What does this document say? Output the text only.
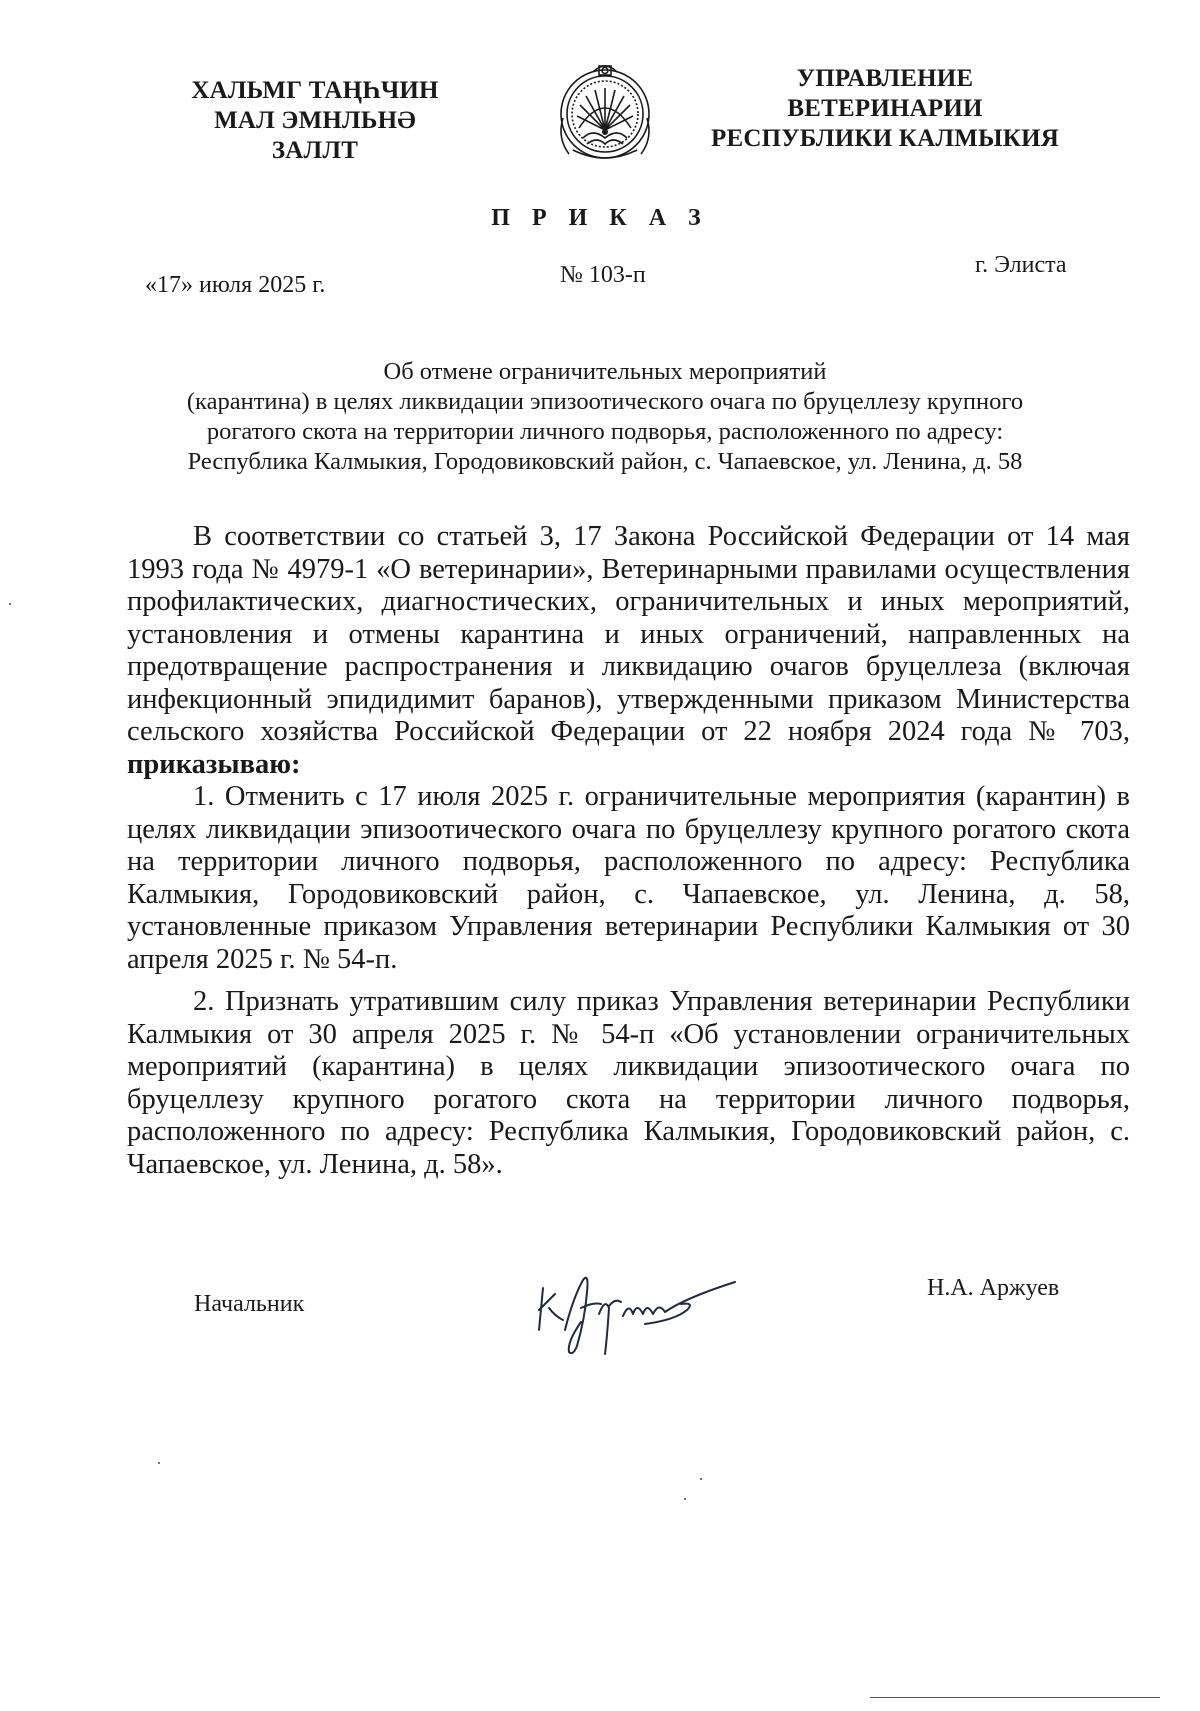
ХАЛЬМГ ТАҢҺЧИН
МАЛ ЭМНЛЬНӘ
ЗАЛЛТ
УПРАВЛЕНИЕ
ВЕТЕРИНАРИИ
РЕСПУБЛИКИ КАЛМЫКИЯ
П Р И К А З
«17» июля 2025 г.	№ 103-п	г. Элиста
Об отмене ограничительных мероприятий
(карантина) в целях ликвидации эпизоотического очага по бруцеллезу крупного
рогатого скота на территории личного подворья, расположенного по адресу:
Республика Калмыкия, Городовиковский район, с. Чапаевское, ул. Ленина, д. 58

В соответствии со статьей 3, 17 Закона Российской Федерации от 14 мая 1993 года № 4979-1 «О ветеринарии», Ветеринарными правилами осуществления профилактических, диагностических, ограничительных и иных мероприятий, установления и отмены карантина и иных ограничений, направленных на предотвращение распространения и ликвидацию очагов бруцеллеза (включая инфекционный эпидидимит баранов), утвержденными приказом Министерства сельского хозяйства Российской Федерации от 22 ноября 2024 года № 703, приказываю:

1. Отменить с 17 июля 2025 г. ограничительные мероприятия (карантин) в целях ликвидации эпизоотического очага по бруцеллезу крупного рогатого скота на территории личного подворья, расположенного по адресу: Республика Калмыкия, Городовиковский район, с. Чапаевское, ул. Ленина, д. 58, установленные приказом Управления ветеринарии Республики Калмыкия от 30 апреля 2025 г. № 54-п.

2. Признать утратившим силу приказ Управления ветеринарии Республики Калмыкия от 30 апреля 2025 г. № 54-п «Об установлении ограничительных мероприятий (карантина) в целях ликвидации эпизоотического очага по бруцеллезу крупного рогатого скота на территории личного подворья, расположенного по адресу: Республика Калмыкия, Городовиковский район, с. Чапаевское, ул. Ленина, д. 58».

Начальник
Н.А. Аржуев
